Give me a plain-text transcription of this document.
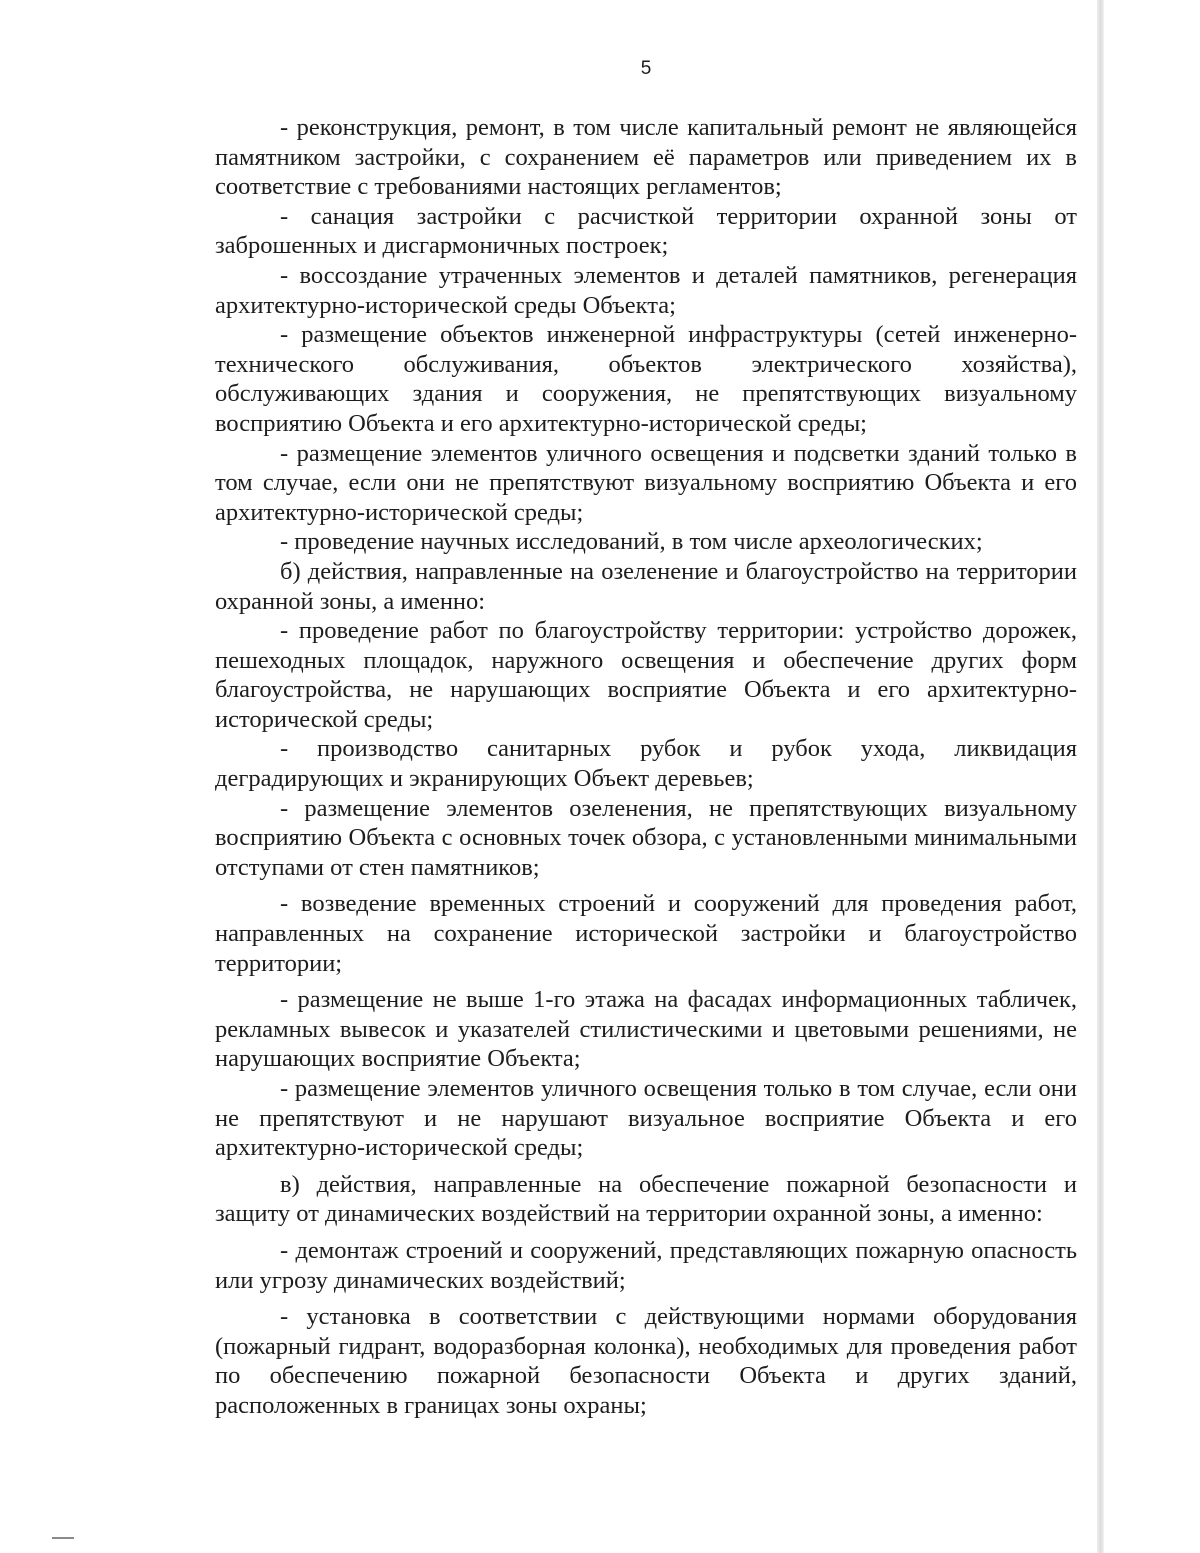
5

- реконструкция, ремонт, в том числе капитальный ремонт не являющейся памятником застройки, с сохранением её параметров или приведением их в соответствие с требованиями настоящих регламентов;

- санация застройки с расчисткой территории охранной зоны от заброшенных и дисгармоничных построек;

- воссоздание утраченных элементов и деталей памятников, регенерация архитектурно-исторической среды Объекта;

- размещение объектов инженерной инфраструктуры (сетей инженерно-технического обслуживания, объектов электрического хозяйства), обслуживающих здания и сооружения, не препятствующих визуальному восприятию Объекта и его архитектурно-исторической среды;

- размещение элементов уличного освещения и подсветки зданий только в том случае, если они не препятствуют визуальному восприятию Объекта и его архитектурно-исторической среды;

- проведение научных исследований, в том числе археологических;

б) действия, направленные на озеленение и благоустройство на территории охранной зоны, а именно:

- проведение работ по благоустройству территории: устройство дорожек, пешеходных площадок, наружного освещения и обеспечение других форм благоустройства, не нарушающих восприятие Объекта и его архитектурно-исторической среды;

- производство санитарных рубок и рубок ухода, ликвидация деградирующих и экранирующих Объект деревьев;

- размещение элементов озеленения, не препятствующих визуальному восприятию Объекта с основных точек обзора, с установленными минимальными отступами от стен памятников;

- возведение временных строений и сооружений для проведения работ, направленных на сохранение исторической застройки и благоустройство территории;

- размещение не выше 1-го этажа на фасадах информационных табличек, рекламных вывесок и указателей стилистическими и цветовыми решениями, не нарушающих восприятие Объекта;

- размещение элементов уличного освещения только в том случае, если они не препятствуют и не нарушают визуальное восприятие Объекта и его архитектурно-исторической среды;

в) действия, направленные на обеспечение пожарной безопасности и защиту от динамических воздействий на территории охранной зоны, а именно:

- демонтаж строений и сооружений, представляющих пожарную опасность или угрозу динамических воздействий;

- установка в соответствии с действующими нормами оборудования (пожарный гидрант, водоразборная колонка), необходимых для проведения работ по обеспечению пожарной безопасности Объекта и других зданий, расположенных в границах зоны охраны;
